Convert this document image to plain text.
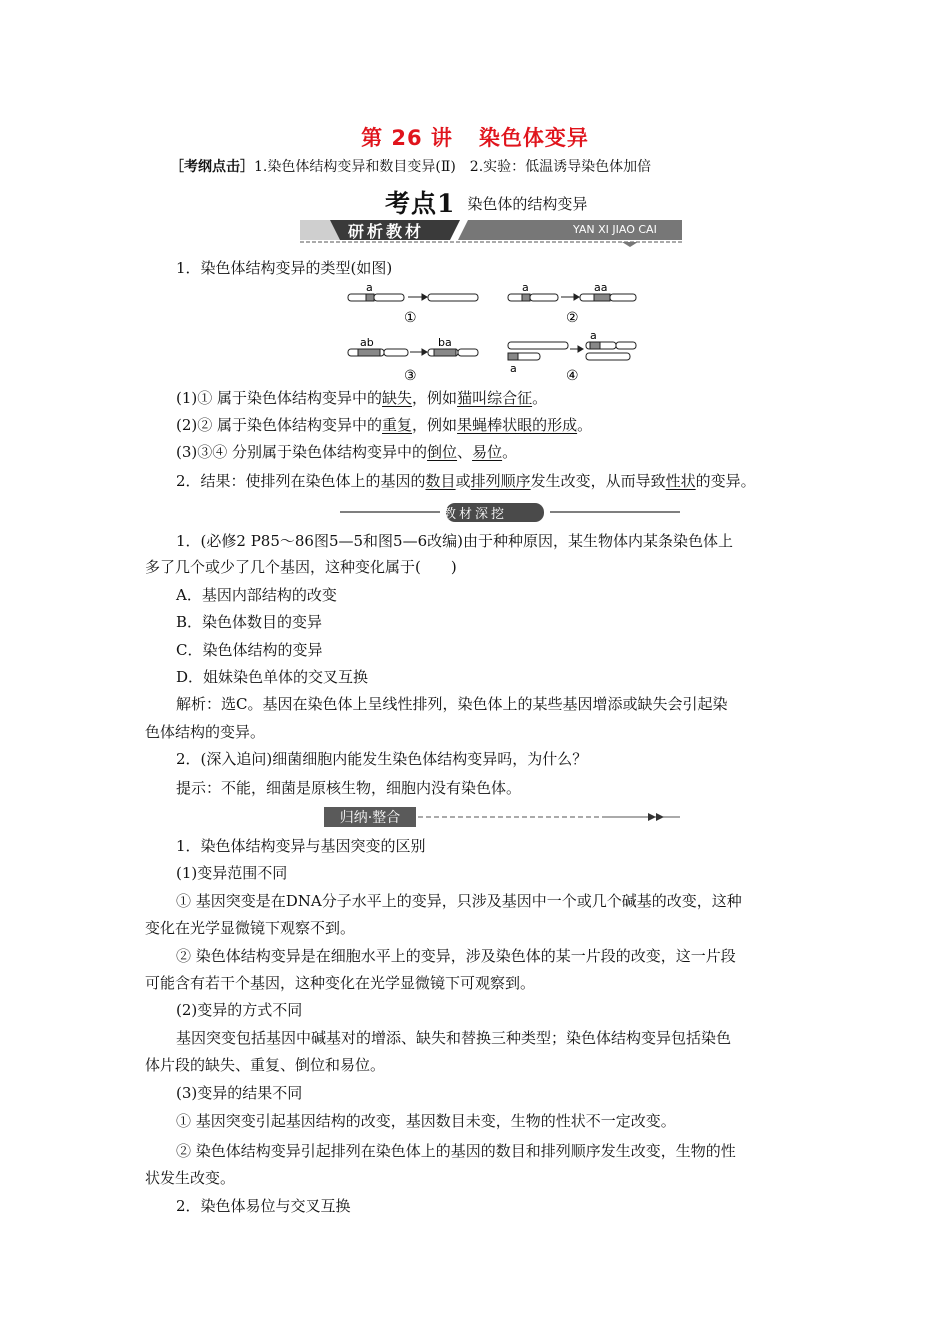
第 26 讲 染色体变异
［考纲点击］1.染色体结构变异和数目变异(Ⅱ)　2.实验：低温诱导染色体加倍
考点1 染色体的结构变异
研析教材	YAN XI JIAO CAI
1．染色体结构变异的类型(如图)
a	a	aa
ab	ba
a
a
①	②
③	④
(1)① 属于染色体结构变异中的缺失，例如猫叫综合征。
(2)② 属于染色体结构变异中的重复，例如果蝇棒状眼的形成。
(3)③④ 分别属于染色体结构变异中的倒位、易位。
2．结果：使排列在染色体上的基因的数目或排列顺序发生改变，从而导致性状的变异。
教材深挖
1．(必修2 P85～86图5—5和图5—6改编)由于种种原因，某生物体内某条染色体上
多了几个或少了几个基因，这种变化属于(　　)
A．基因内部结构的改变
B．染色体数目的变异
C．染色体结构的变异
D．姐妹染色单体的交叉互换
解析：选C。基因在染色体上呈线性排列，染色体上的某些基因增添或缺失会引起染
色体结构的变异。
2．(深入追问)细菌细胞内能发生染色体结构变异吗，为什么？
提示：不能，细菌是原核生物，细胞内没有染色体。
归纳·整合
1．染色体结构变异与基因突变的区别
(1)变异范围不同
① 基因突变是在DNA分子水平上的变异，只涉及基因中一个或几个碱基的改变，这种
变化在光学显微镜下观察不到。
② 染色体结构变异是在细胞水平上的变异，涉及染色体的某一片段的改变，这一片段
可能含有若干个基因，这种变化在光学显微镜下可观察到。
(2)变异的方式不同
基因突变包括基因中碱基对的增添、缺失和替换三种类型；染色体结构变异包括染色
体片段的缺失、重复、倒位和易位。
(3)变异的结果不同
① 基因突变引起基因结构的改变，基因数目未变，生物的性状不一定改变。
② 染色体结构变异引起排列在染色体上的基因的数目和排列顺序发生改变，生物的性
状发生改变。
2．染色体易位与交叉互换
